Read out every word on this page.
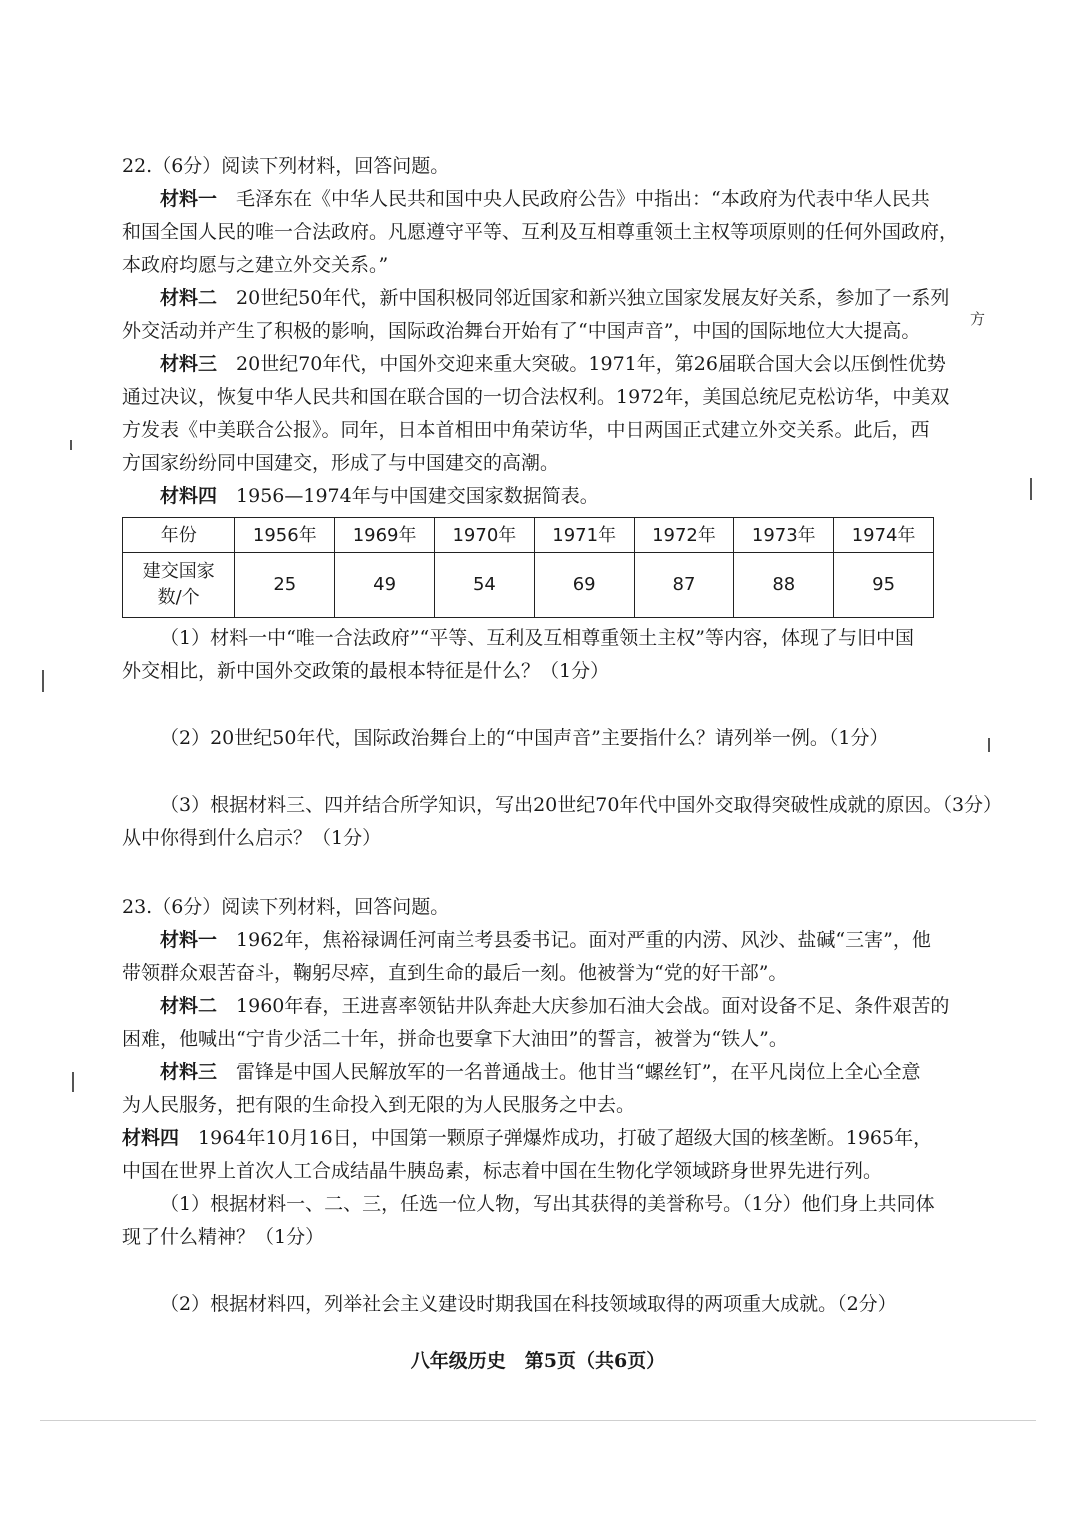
22.（6分）阅读下列材料，回答问题。
材料一　 毛泽东在《中华人民共和国中央人民政府公告》中指出：“本政府为代表中华人民共
和国全国人民的唯一合法政府。凡愿遵守平等、互利及互相尊重领土主权等项原则的任何外国政府，
本政府均愿与之建立外交关系。”
材料二　 20世纪50年代，新中国积极同邻近国家和新兴独立国家发展友好关系，参加了一系列
外交活动并产生了积极的影响，国际政治舞台开始有了“中国声音”，中国的国际地位大大提高。
材料三　 20世纪70年代，中国外交迎来重大突破。1971年，第26届联合国大会以压倒性优势
通过决议，恢复中华人民共和国在联合国的一切合法权利。1972年，美国总统尼克松访华，中美双
方发表《中美联合公报》。同年，日本首相田中角荣访华，中日两国正式建立外交关系。此后，西
方国家纷纷同中国建交，形成了与中国建交的高潮。
材料四　 1956—1974年与中国建交国家数据简表。
年份	1956年	1969年	1970年	1971年	1972年	1973年	1974年
建交国家
数/个	25	49	54	69	87	88	95
（1）材料一中“唯一合法政府”“平等、互利及互相尊重领土主权”等内容，体现了与旧中国
外交相比，新中国外交政策的最根本特征是什么？（1分）
（2）20世纪50年代，国际政治舞台上的“中国声音”主要指什么？请列举一例。（1分）
（3）根据材料三、四并结合所学知识，写出20世纪70年代中国外交取得突破性成就的原因。（3分）
从中你得到什么启示？（1分）
23.（6分）阅读下列材料，回答问题。
材料一　 1962年，焦裕禄调任河南兰考县委书记。面对严重的内涝、风沙、盐碱“三害”，他
带领群众艰苦奋斗，鞠躬尽瘁，直到生命的最后一刻。他被誉为“党的好干部”。
材料二　 1960年春，王进喜率领钻井队奔赴大庆参加石油大会战。面对设备不足、条件艰苦的
困难，他喊出“宁肯少活二十年，拼命也要拿下大油田”的誓言，被誉为“铁人”。
材料三　 雷锋是中国人民解放军的一名普通战士。他甘当“螺丝钉”，在平凡岗位上全心全意
为人民服务，把有限的生命投入到无限的为人民服务之中去。
材料四　 1964年10月16日，中国第一颗原子弹爆炸成功，打破了超级大国的核垄断。1965年，
中国在世界上首次人工合成结晶牛胰岛素，标志着中国在生物化学领域跻身世界先进行列。
（1）根据材料一、二、三，任选一位人物，写出其获得的美誉称号。（1分）他们身上共同体
现了什么精神？（1分）
（2）根据材料四，列举社会主义建设时期我国在科技领域取得的两项重大成就。（2分）
八年级历史　第5页（共6页）
方
